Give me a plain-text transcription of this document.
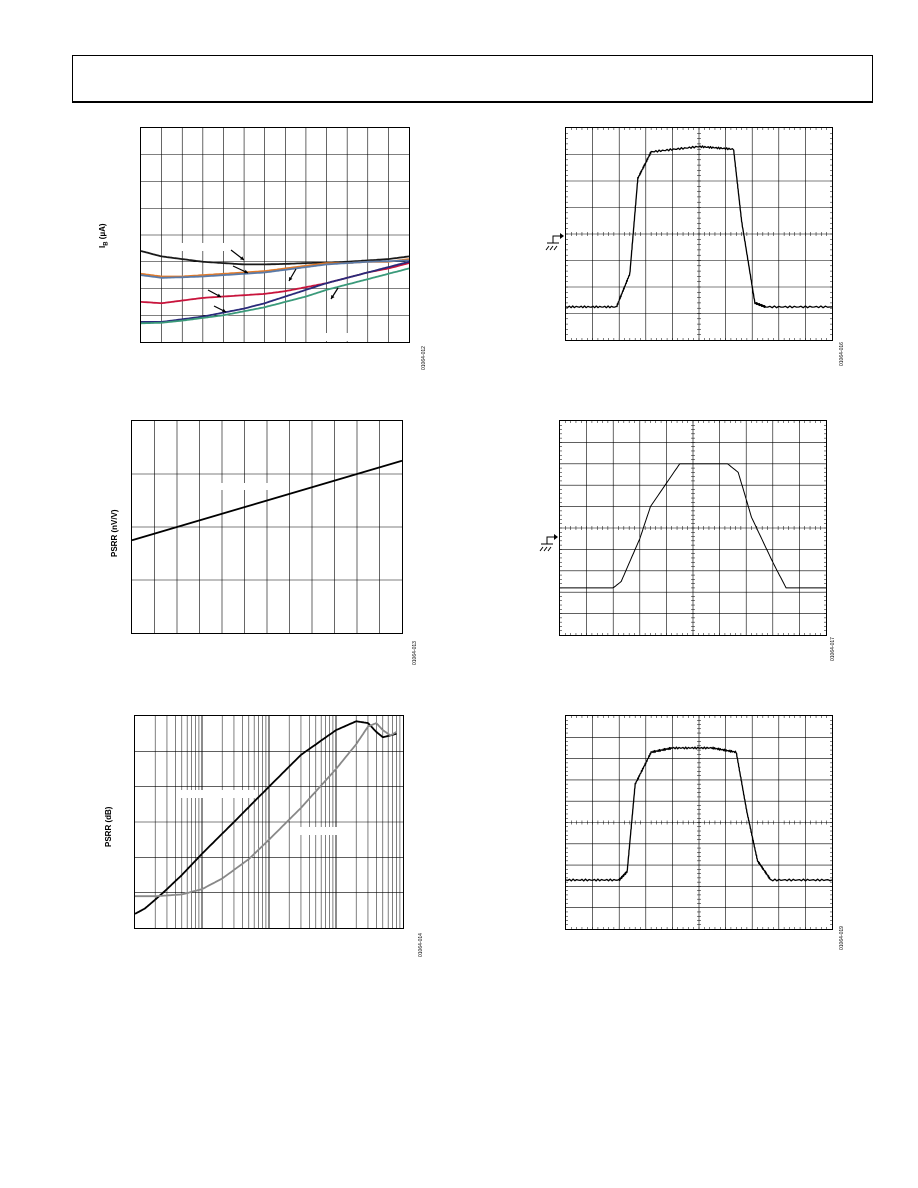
$I_B$ (µA)
01064-012
PSRR (nV/V)
01064-013
PSRR (dB)
01064-014
01064-016
01064-017
01064-019
